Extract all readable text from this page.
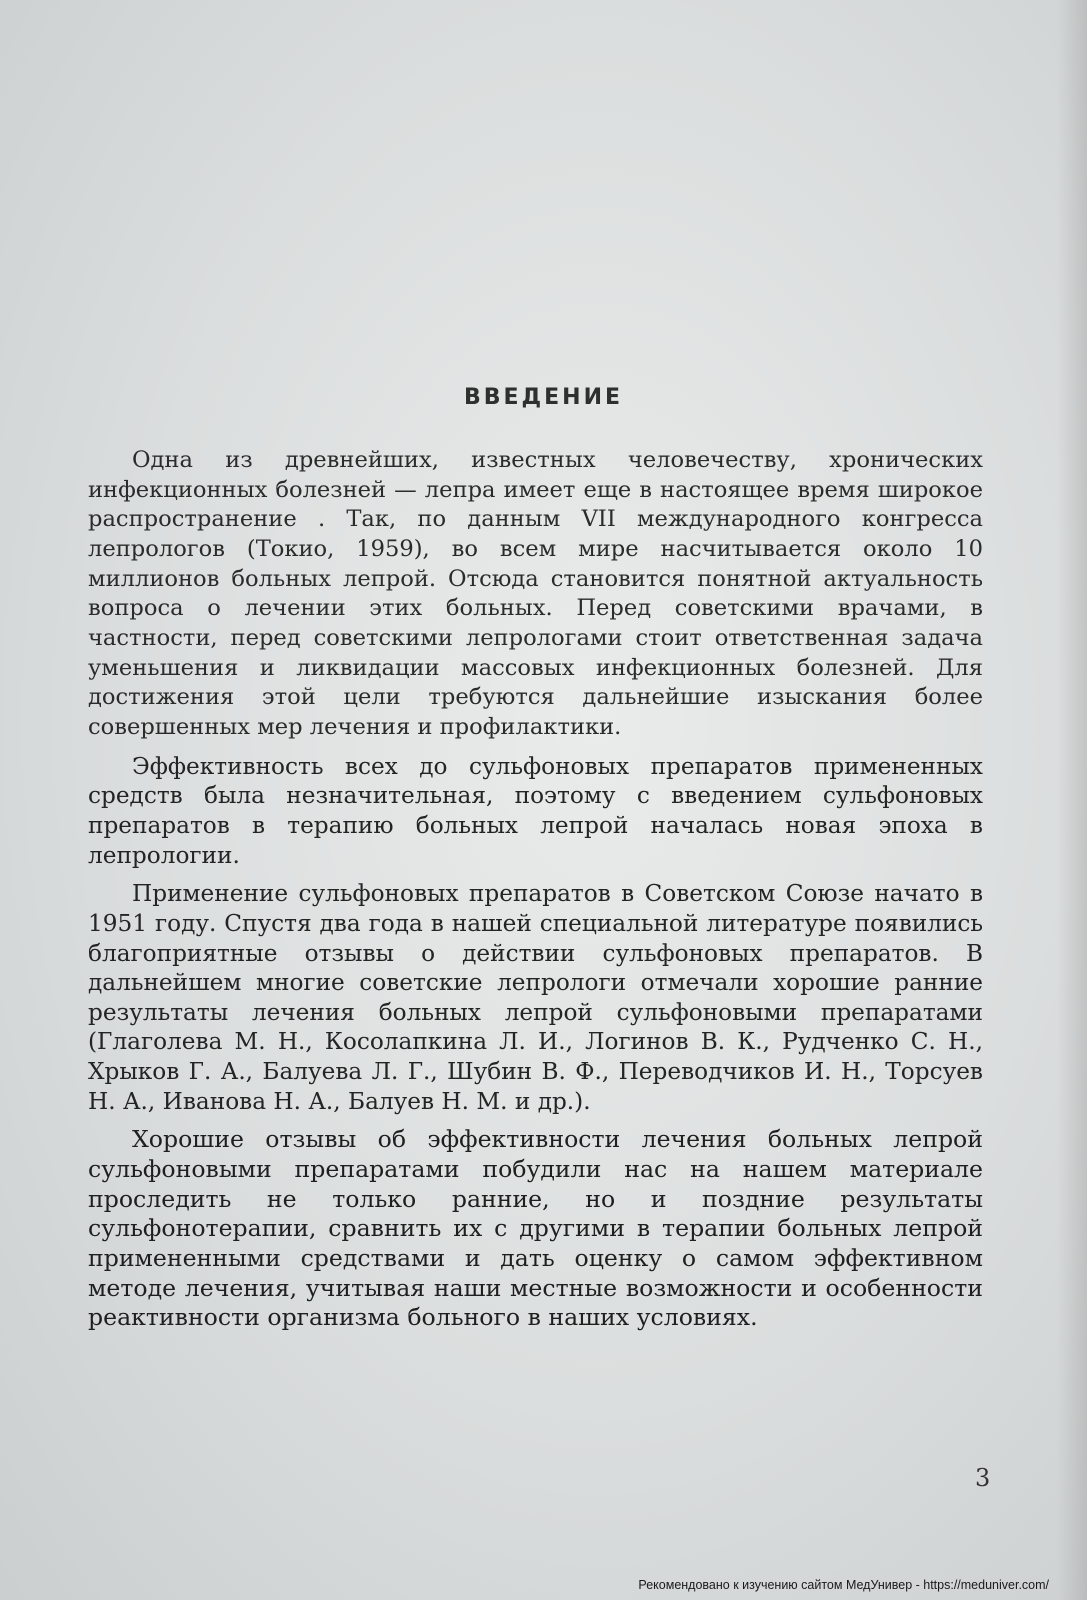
ВВЕДЕНИЕ

Одна из древнейших, известных человечеству, хронических инфекционных болезней — лепра имеет еще в настоящее время широкое распространение . Так, по данным VII международного конгресса лепрологов (Токио, 1959), во всем мире насчитывается около 10 миллионов больных лепрой. Отсюда становится понятной актуальность вопроса о лечении этих больных. Перед советскими врачами, в частности, перед советскими лепрологами стоит ответственная задача уменьшения и ликвидации массовых инфекционных болезней. Для достижения этой цели требуются дальнейшие изыскания более совершенных мер лечения и профилактики.

Эффективность всех до сульфоновых препаратов примененных средств была незначительная, поэтому с введением сульфоновых препаратов в терапию больных лепрой началась новая эпоха в лепрологии.

Применение сульфоновых препаратов в Советском Союзе начато в 1951 году. Спустя два года в нашей специальной литературе появились благоприятные отзывы о действии сульфоновых препаратов. В дальнейшем многие советские лепрологи отмечали хорошие ранние результаты лечения больных лепрой сульфоновыми препаратами (Глаголева М. Н., Косолапкина Л. И., Логинов В. К., Рудченко С. Н., Хрыков Г. А., Балуева Л. Г., Шубин В. Ф., Переводчиков И. Н., Торсуев Н. А., Иванова Н. А., Балуев Н. М. и др.).

Хорошие отзывы об эффективности лечения больных лепрой сульфоновыми препаратами побудили нас на нашем материале проследить не только ранние, но и поздние результаты сульфонотерапии, сравнить их с другими в терапии больных лепрой примененными средствами и дать оценку о самом эффективном методе лечения, учитывая наши местные возможности и особенности реактивности организма больного в наших условиях.

3
Рекомендовано к изучению сайтом МедУнивер - https://meduniver.com/
